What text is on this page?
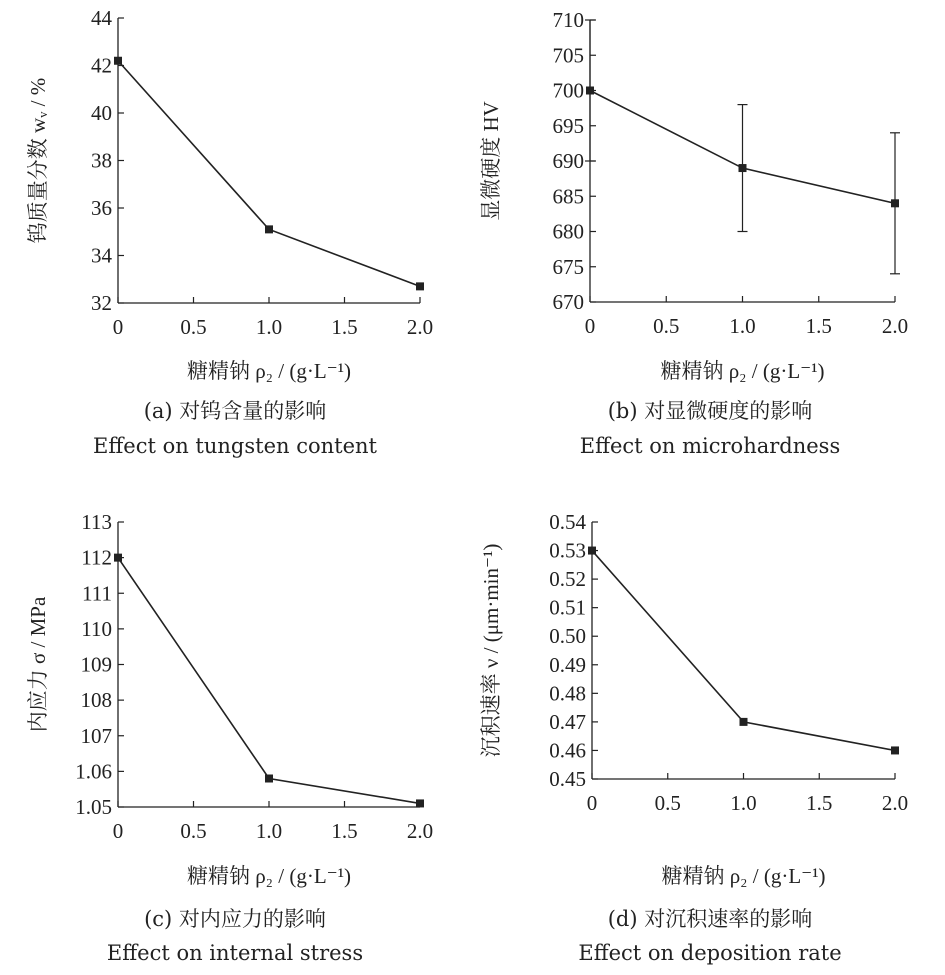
32
34
36
38
40
42
44
0	0.5 1.0 1.5 2.0
糖精钠 ρ₂ / (g·L⁻¹)
钨质量分数 wᵥ / %
(a) 对钨含量的影响
Effect on tungsten content
670
675
680
685
690
695
700
705
710
0	0.5 1.0 1.5 2.0
糖精钠 ρ₂ / (g·L⁻¹)
显微硬度 HV
(b) 对显微硬度的影响
Effect on microhardness
1.05
1.06
107
108
109
110
111
112
113
0	0.5 1.0 1.5 2.0
糖精钠 ρ₂ / (g·L⁻¹)
内应力 σ / MPa
(c) 对内应力的影响
Effect on internal stress
0.45
0.46
0.47
0.48
0.49
0.50
0.51
0.52
0.53
0.54
0	0.5 1.0 1.5 2.0
糖精钠 ρ₂ / (g·L⁻¹)
沉积速率 ν / (μm·min⁻¹)
(d) 对沉积速率的影响
Effect on deposition rate
